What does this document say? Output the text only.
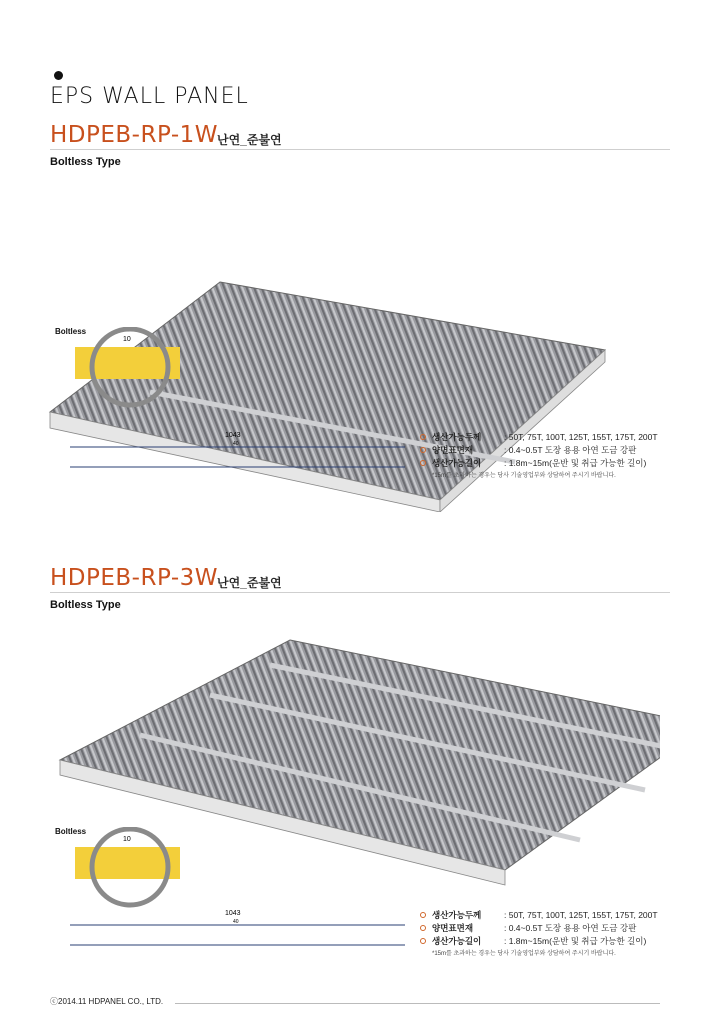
EPS WALL PANEL
HDPEB-RP-1W
난연_준불연
Boltless Type
Boltless
10
1043
40
생산가능두께	: 50T, 75T, 100T, 125T, 155T, 175T, 200T
양면표면재	: 0.4~0.5T 도장 용용 아연 도금 강판
생산가능길이	: 1.8m~15m(운반 및 취급 가능한 길이)
*15m를 초과하는 경우는 당사 기술영업부와 상담하여 주시기 바랍니다.
HDPEB-RP-3W
난연_준불연
Boltless Type
Boltless
10
1043
40
생산가능두께	: 50T, 75T, 100T, 125T, 155T, 175T, 200T
양면표면재	: 0.4~0.5T 도장 용용 아연 도금 강판
생산가능길이	: 1.8m~15m(운반 및 취급 가능한 길이)
*15m를 초과하는 경우는 당사 기술영업부와 상담하여 주시기 바랍니다.
ⓒ2014.11 HDPANEL CO., LTD.
